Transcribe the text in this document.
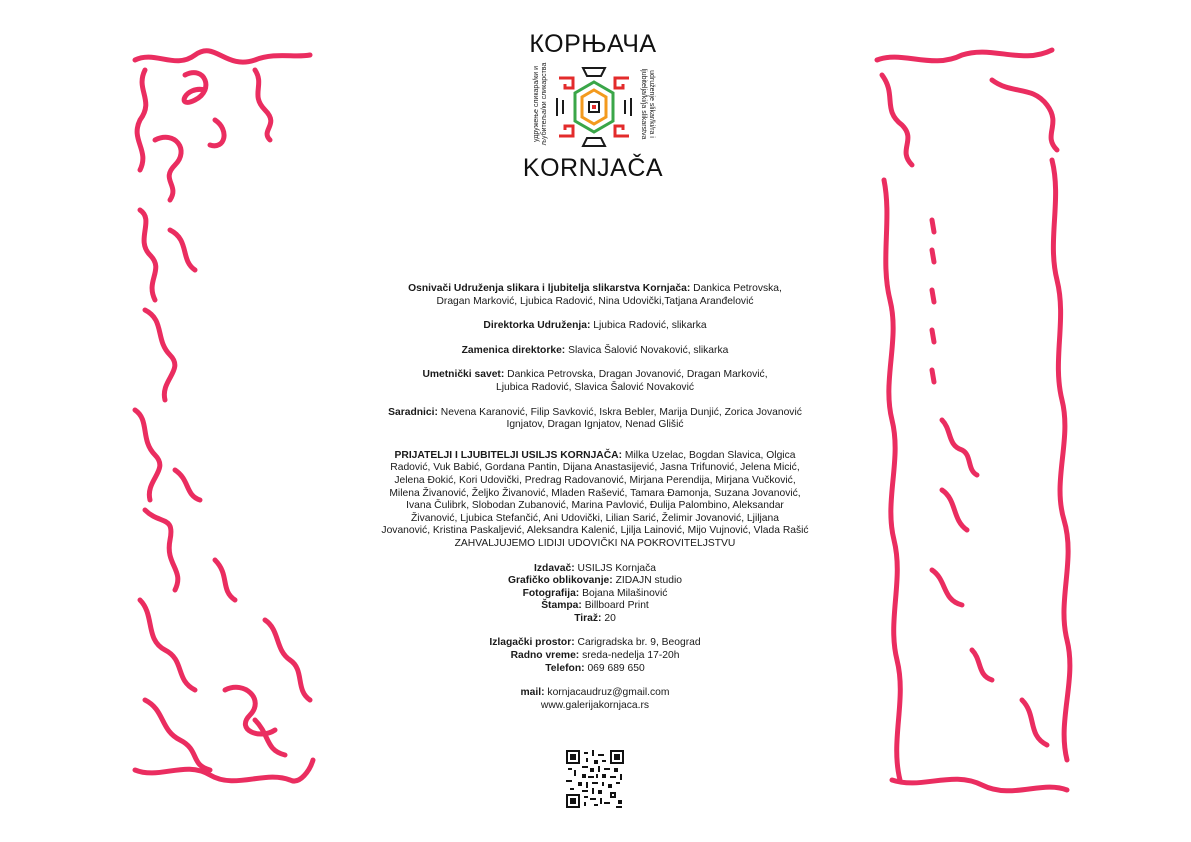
КОРЊАЧА
удружење сликара/ки и љубитеља/ки сликарства	udruženje slikar/ki/ra i ljubitelja/ki/ja slikarstva
KORNJAČA

Osnivači Udruženja slikara i ljubitelja slikarstva Kornjača: Dankica Petrovska,

Dragan Marković, Ljubica Radović, Nina Udovički,Tatjana Aranđelović

Direktorka Udruženja: Ljubica Radović, slikarka

Zamenica direktorke: Slavica Šalović Novaković, slikarka

Umetnički savet: Dankica Petrovska, Dragan Jovanović, Dragan Marković,

Ljubica Radović, Slavica Šalović Novaković

Saradnici: Nevena Karanović, Filip Savković, Iskra Bebler, Marija Dunjić, Zorica Jovanović

Ignjatov, Dragan Ignjatov, Nenad Glišić

PRIJATELJI I LJUBITELJI USILJS KORNJAČA: Milka Uzelac, Bogdan Slavica, Olgica

Radović, Vuk Babić, Gordana Pantin, Dijana Anastasijević, Jasna Trifunović, Jelena Micić,

Jelena Đokić, Kori Udovički, Predrag Radovanović, Mirjana Perendija, Mirjana Vučković,

Milena Živanović, Željko Živanović, Mladen Rašević, Tamara Đamonja, Suzana Jovanović,

Ivana Čulibrk, Slobodan Zubanović, Marina Pavlović, Đulija Palombino, Aleksandar

Živanović, Ljubica Stefančić, Ani Udovički, Lilian Sarić, Želimir Jovanović, Ljiljana

Jovanović, Kristina Paskaljević, Aleksandra Kalenić, Ljilja Lainović, Mijo Vujnović, Vlada Rašić

ZAHVALJUJEMO LIDIJI UDOVIČKI NA POKROVITELJSTVU

Izdavač: USILJS Kornjača

Grafičko oblikovanje: ZIDAJN studio

Fotografija: Bojana Milašinović

Štampa: Billboard Print

Tiraž: 20

Izlagački prostor: Carigradska br. 9, Beograd

Radno vreme: sreda-nedelja 17-20h

Telefon: 069 689 650

mail: kornjacaudruz@gmail.com

www.galerijakornjaca.rs
